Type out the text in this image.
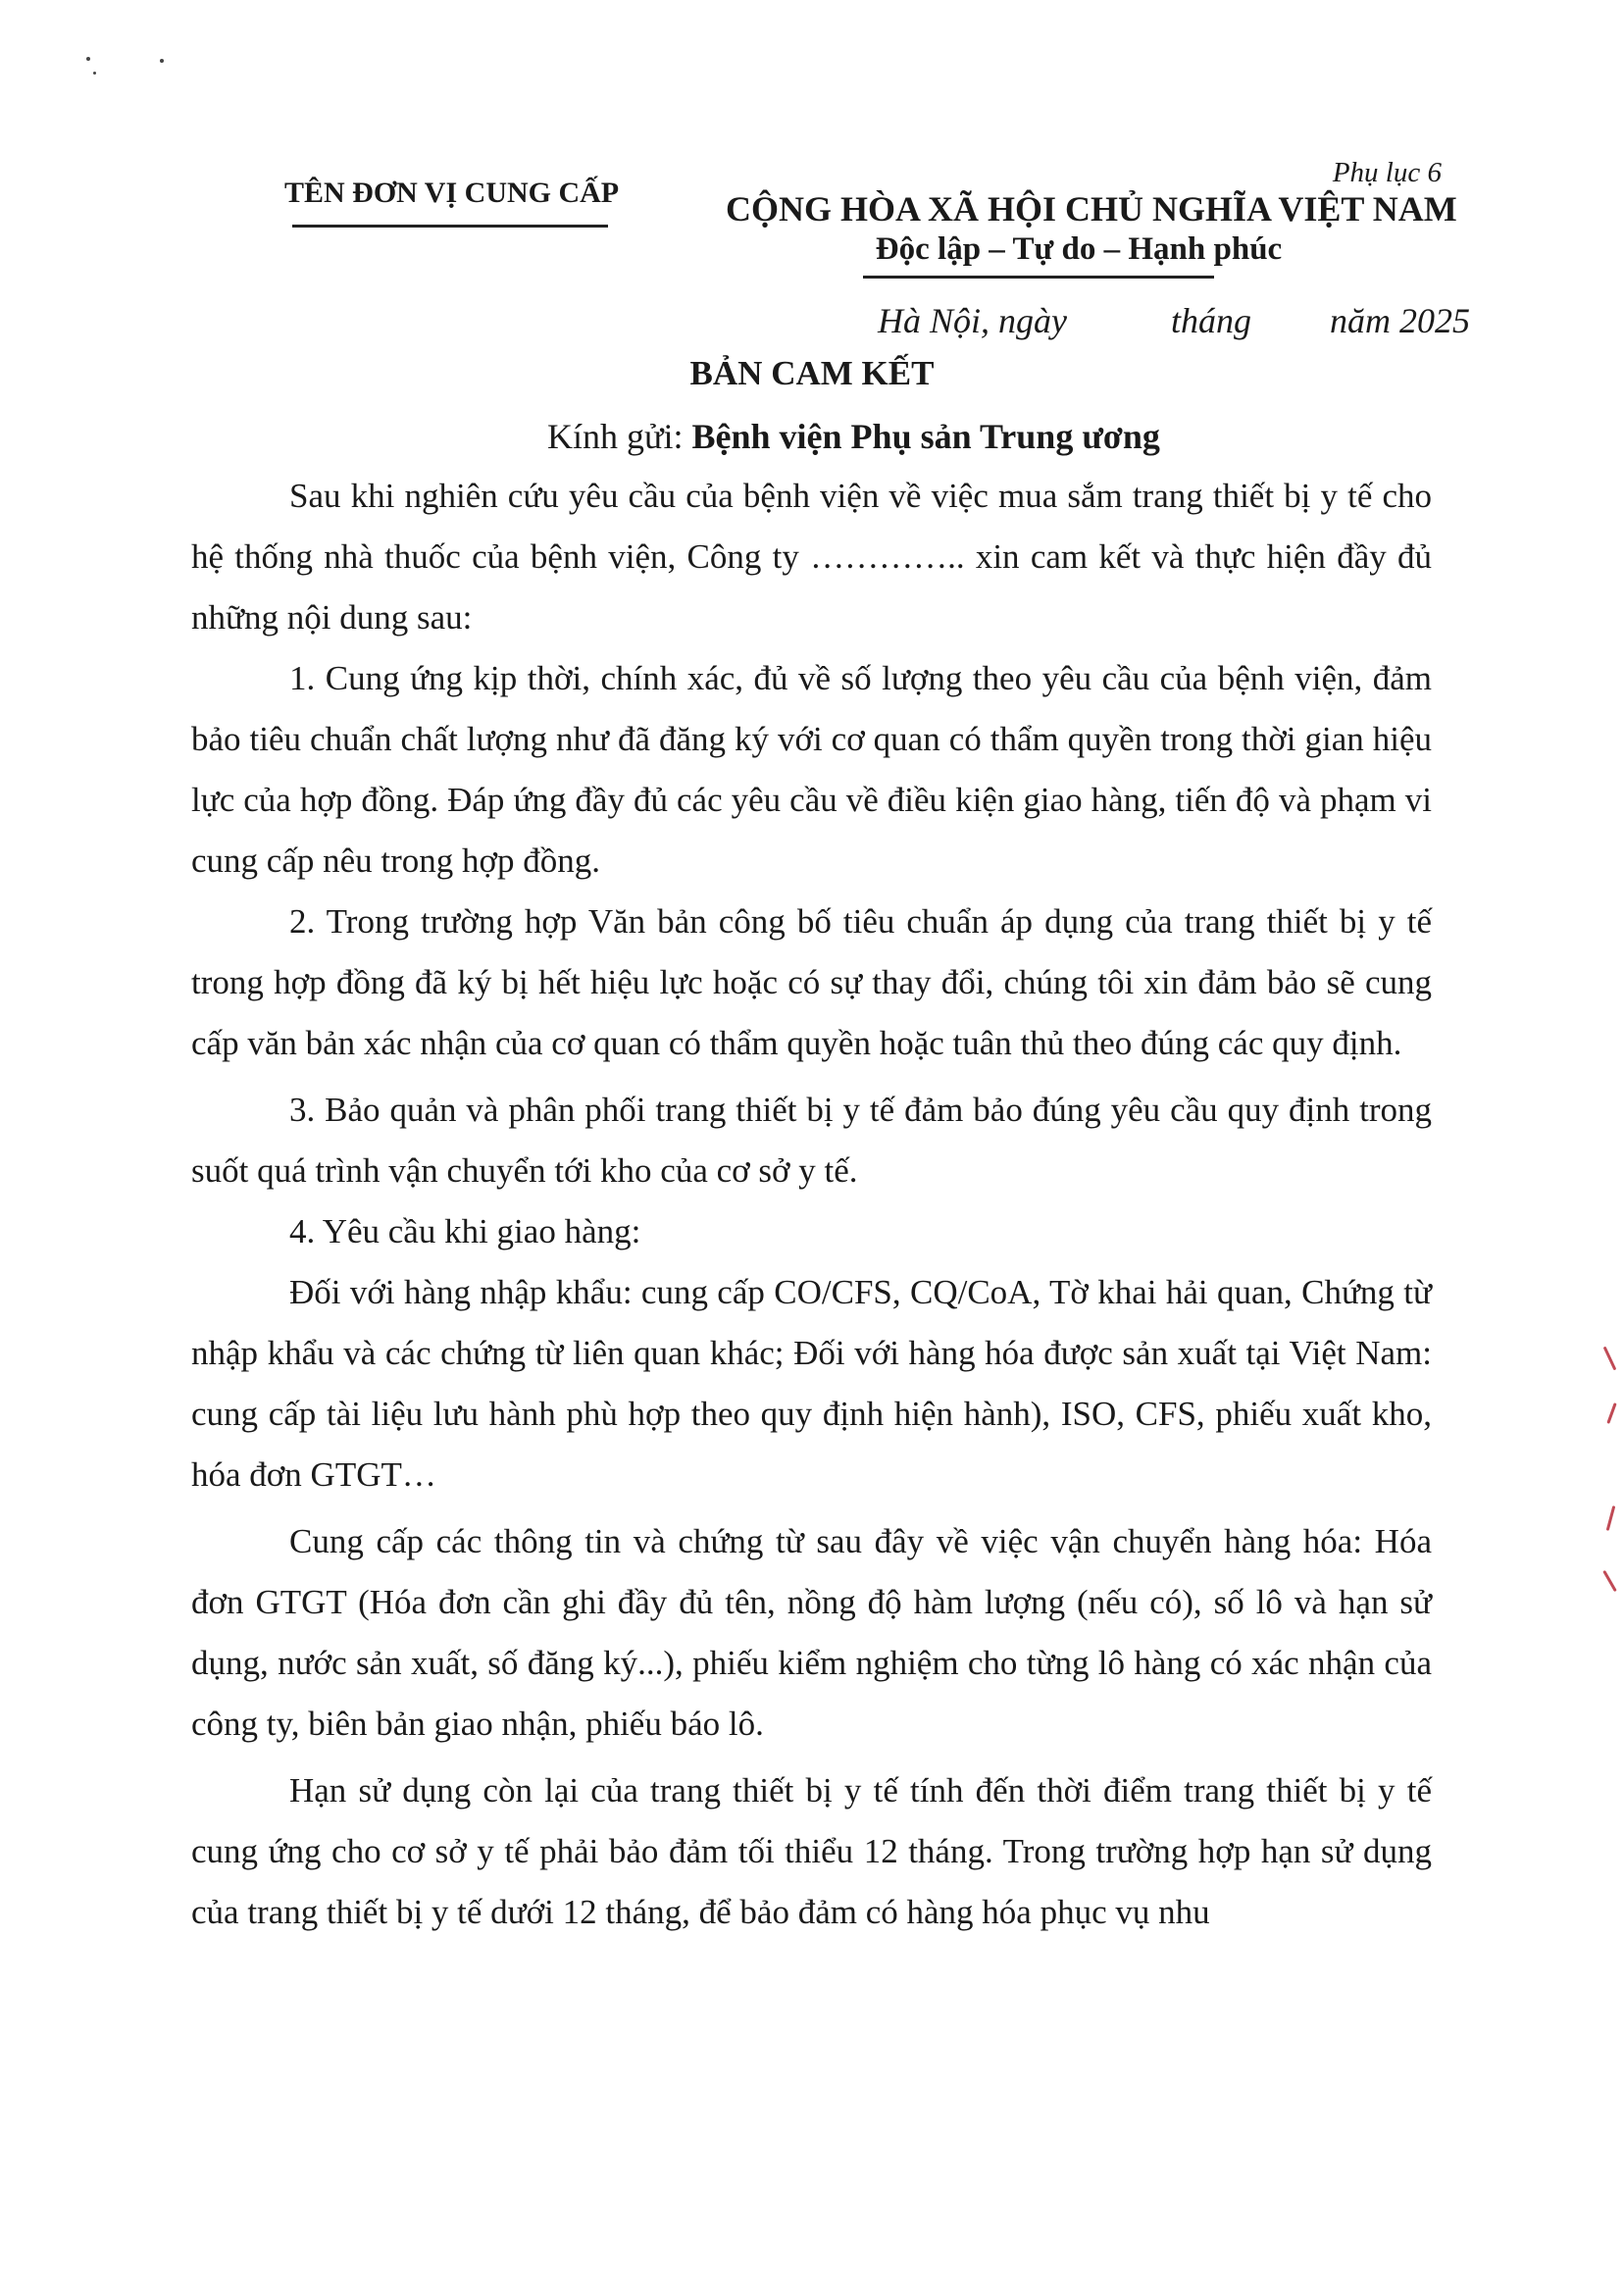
Phụ lục 6
TÊN ĐƠN VỊ CUNG CẤP	CỘNG HÒA XÃ HỘI CHỦ NGHĨA VIỆT NAM
Độc lập – Tự do – Hạnh phúc
Hà Nội, ngày	tháng năm 2025
BẢN CAM KẾT
Kính gửi: Bệnh viện Phụ sản Trung ương

Sau khi nghiên cứu yêu cầu của bệnh viện về việc mua sắm trang thiết bị y tế cho hệ thống nhà thuốc của bệnh viện, Công ty ………….. xin cam kết và thực hiện đầy đủ những nội dung sau:

1. Cung ứng kịp thời, chính xác, đủ về số lượng theo yêu cầu của bệnh viện, đảm bảo tiêu chuẩn chất lượng như đã đăng ký với cơ quan có thẩm quyền trong thời gian hiệu lực của hợp đồng. Đáp ứng đầy đủ các yêu cầu về điều kiện giao hàng, tiến độ và phạm vi cung cấp nêu trong hợp đồng.

2. Trong trường hợp Văn bản công bố tiêu chuẩn áp dụng của trang thiết bị y tế trong hợp đồng đã ký bị hết hiệu lực hoặc có sự thay đổi, chúng tôi xin đảm bảo sẽ cung cấp văn bản xác nhận của cơ quan có thẩm quyền hoặc tuân thủ theo đúng các quy định.

3. Bảo quản và phân phối trang thiết bị y tế đảm bảo đúng yêu cầu quy định trong suốt quá trình vận chuyển tới kho của cơ sở y tế.

4. Yêu cầu khi giao hàng:

Đối với hàng nhập khẩu: cung cấp CO/CFS, CQ/CoA, Tờ khai hải quan, Chứng từ nhập khẩu và các chứng từ liên quan khác; Đối với hàng hóa được sản xuất tại Việt Nam: cung cấp tài liệu lưu hành phù hợp theo quy định hiện hành), ISO, CFS, phiếu xuất kho, hóa đơn GTGT…

Cung cấp các thông tin và chứng từ sau đây về việc vận chuyển hàng hóa: Hóa đơn GTGT (Hóa đơn cần ghi đầy đủ tên, nồng độ hàm lượng (nếu có), số lô và hạn sử dụng, nước sản xuất, số đăng ký...), phiếu kiểm nghiệm cho từng lô hàng có xác nhận của công ty, biên bản giao nhận, phiếu báo lô.

Hạn sử dụng còn lại của trang thiết bị y tế tính đến thời điểm trang thiết bị y tế cung ứng cho cơ sở y tế phải bảo đảm tối thiểu 12 tháng. Trong trường hợp hạn sử dụng của trang thiết bị y tế dưới 12 tháng, để bảo đảm có hàng hóa phục vụ nhu
